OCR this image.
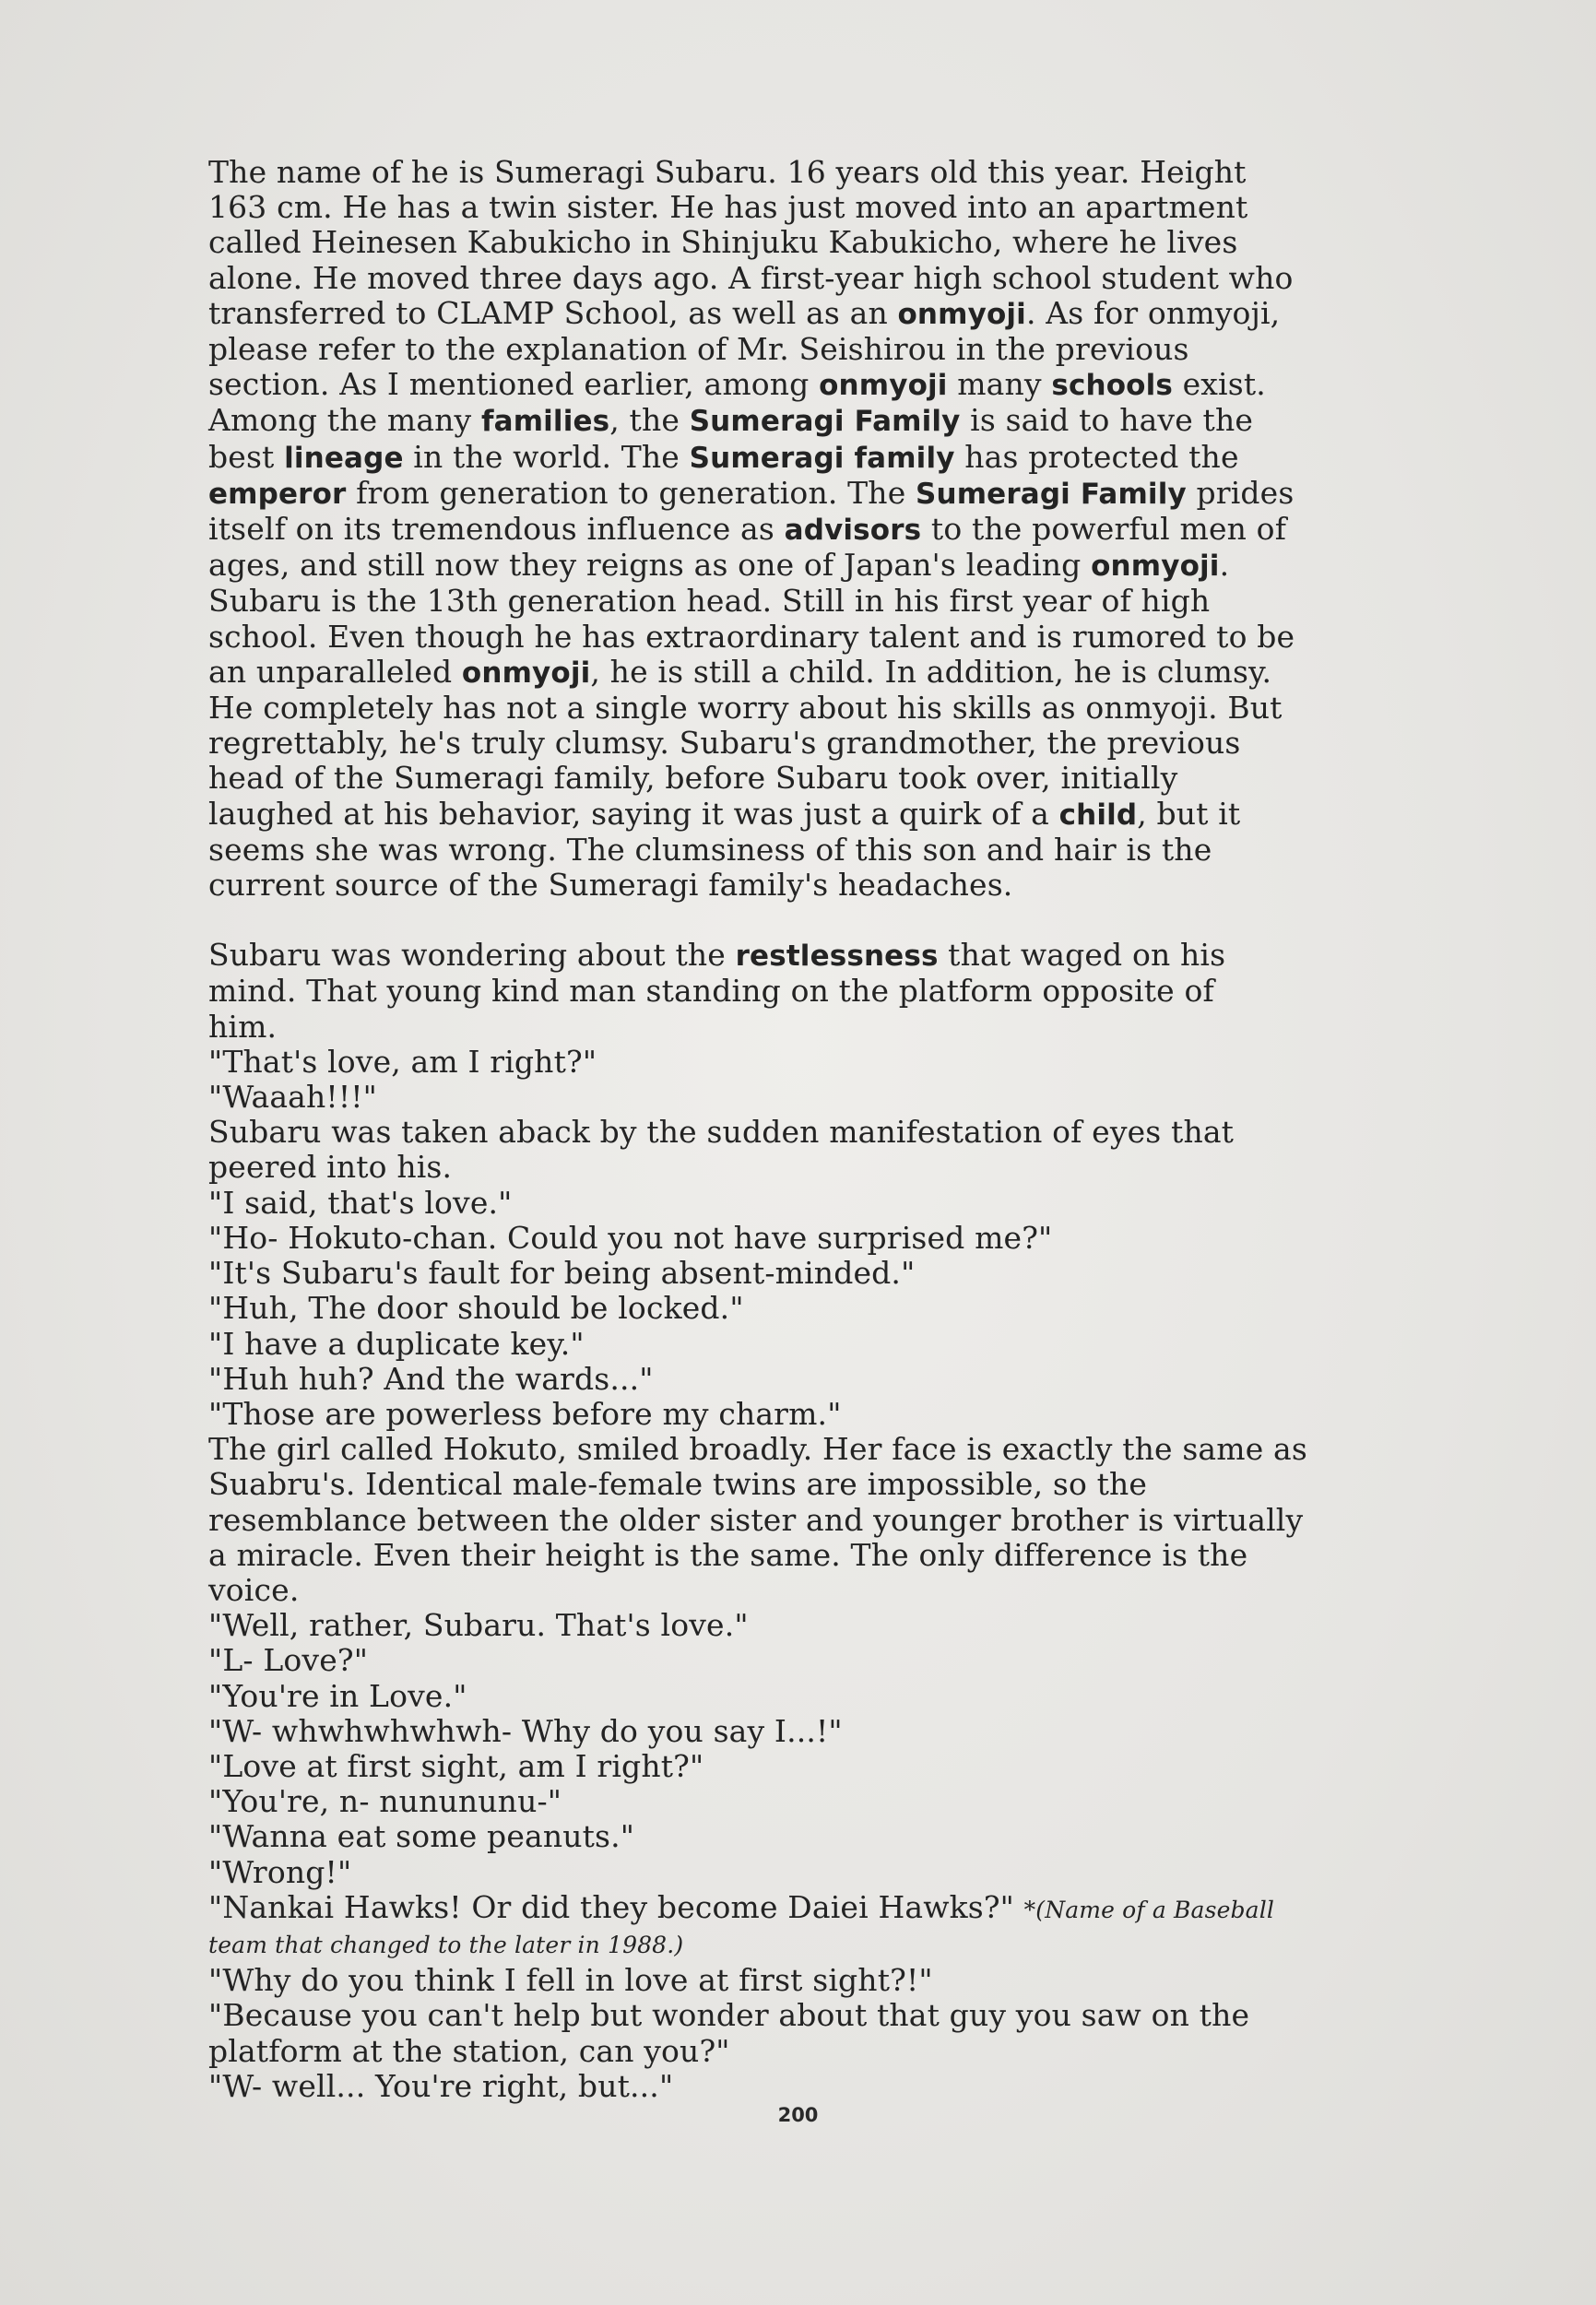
The name of he is Sumeragi Subaru. 16 years old this year. Height
163 cm. He has a twin sister. He has just moved into an apartment
called Heinesen Kabukicho in Shinjuku Kabukicho, where he lives
alone. He moved three days ago. A first-year high school student who
transferred to CLAMP School, as well as an onmyoji. As for onmyoji,
please refer to the explanation of Mr. Seishirou in the previous
section. As I mentioned earlier, among onmyoji many schools exist.
Among the many families, the Sumeragi Family is said to have the
best lineage in the world. The Sumeragi family has protected the
emperor from generation to generation. The Sumeragi Family prides
itself on its tremendous influence as advisors to the powerful men of
ages, and still now they reigns as one of Japan's leading onmyoji.
Subaru is the 13th generation head. Still in his first year of high
school. Even though he has extraordinary talent and is rumored to be
an unparalleled onmyoji, he is still a child. In addition, he is clumsy.
He completely has not a single worry about his skills as onmyoji. But
regrettably, he's truly clumsy. Subaru's grandmother, the previous
head of the Sumeragi family, before Subaru took over, initially
laughed at his behavior, saying it was just a quirk of a child, but it
seems she was wrong. The clumsiness of this son and hair is the
current source of the Sumeragi family's headaches.
Subaru was wondering about the restlessness that waged on his
mind. That young kind man standing on the platform opposite of
him.
"That's love, am I right?"
"Waaah!!!"
Subaru was taken aback by the sudden manifestation of eyes that
peered into his.
"I said, that's love."
"Ho- Hokuto-chan. Could you not have surprised me?"
"It's Subaru's fault for being absent-minded."
"Huh, The door should be locked."
"I have a duplicate key."
"Huh huh? And the wards..."
"Those are powerless before my charm."
The girl called Hokuto, smiled broadly. Her face is exactly the same as
Suabru's. Identical male-female twins are impossible, so the
resemblance between the older sister and younger brother is virtually
a miracle. Even their height is the same. The only difference is the
voice.
"Well, rather, Subaru. That's love."
"L- Love?"
"You're in Love."
"W- whwhwhwhwh- Why do you say I...!"
"Love at first sight, am I right?"
"You're, n- nunununu-"
"Wanna eat some peanuts."
"Wrong!"
"Nankai Hawks! Or did they become Daiei Hawks?" *(Name of a Baseball
team that changed to the later in 1988.)
"Why do you think I fell in love at first sight?!"
"Because you can't help but wonder about that guy you saw on the
platform at the station, can you?"
"W- well... You're right, but..."
200
